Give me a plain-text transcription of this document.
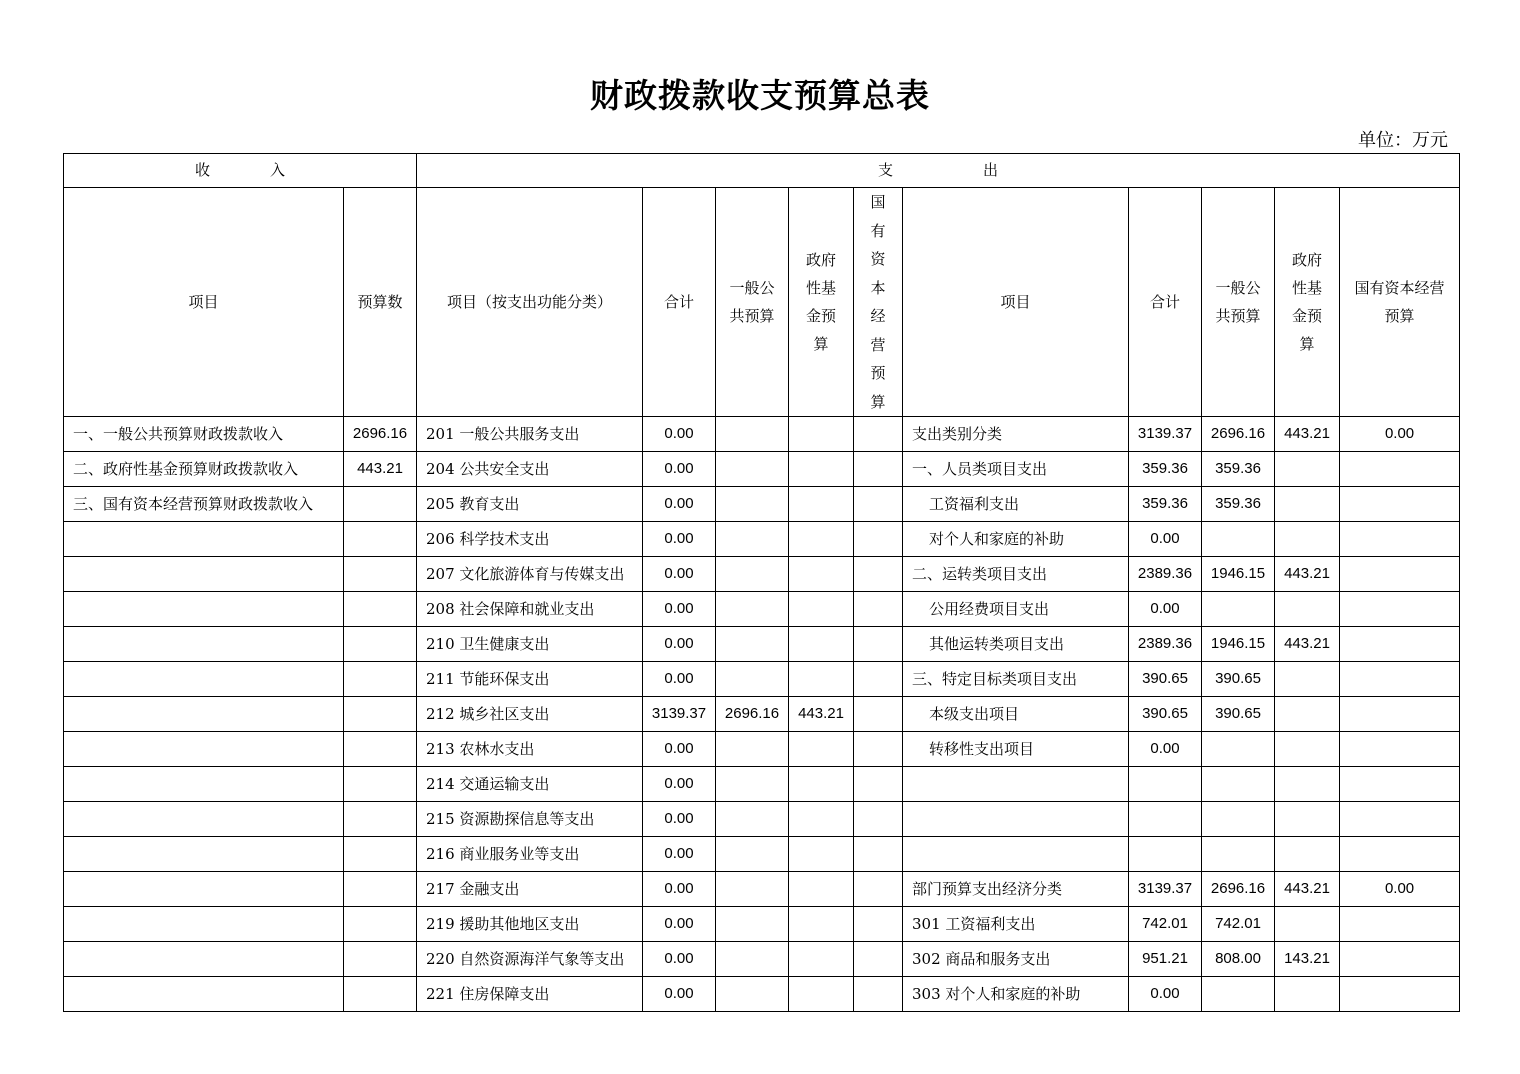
财政拨款收支预算总表
单位：万元
收　　　　入		支　　　　　　出									
项目	预算数	项目（按支出功能分类）	合计	一般公共预算	政府性基金预算	国有资本经营预算	项目	合计	一般公共预算	政府性基金预算	国有资本经营预算
一、一般公共预算财政拨款收入	2696.16	201 一般公共服务支出	0.00				支出类别分类	3139.37	2696.16	443.21	0.00
二、政府性基金预算财政拨款收入	443.21	204 公共安全支出	0.00				一、人员类项目支出	359.36	359.36		
三、国有资本经营预算财政拨款收入		205 教育支出	0.00				工资福利支出	359.36	359.36		
		206 科学技术支出	0.00				对个人和家庭的补助	0.00			
		207 文化旅游体育与传媒支出	0.00				二、运转类项目支出	2389.36	1946.15	443.21	
		208 社会保障和就业支出	0.00				公用经费项目支出	0.00			
		210 卫生健康支出	0.00				其他运转类项目支出	2389.36	1946.15	443.21	
		211 节能环保支出	0.00				三、特定目标类项目支出	390.65	390.65		
		212 城乡社区支出	3139.37	2696.16	443.21		本级支出项目	390.65	390.65		
		213 农林水支出	0.00				转移性支出项目	0.00			
		214 交通运输支出	0.00								
		215 资源勘探信息等支出	0.00								
		216 商业服务业等支出	0.00								
		217 金融支出	0.00				部门预算支出经济分类	3139.37	2696.16	443.21	0.00
		219 援助其他地区支出	0.00				301 工资福利支出	742.01	742.01		
		220 自然资源海洋气象等支出	0.00				302 商品和服务支出	951.21	808.00	143.21	
		221 住房保障支出	0.00				303 对个人和家庭的补助	0.00			
